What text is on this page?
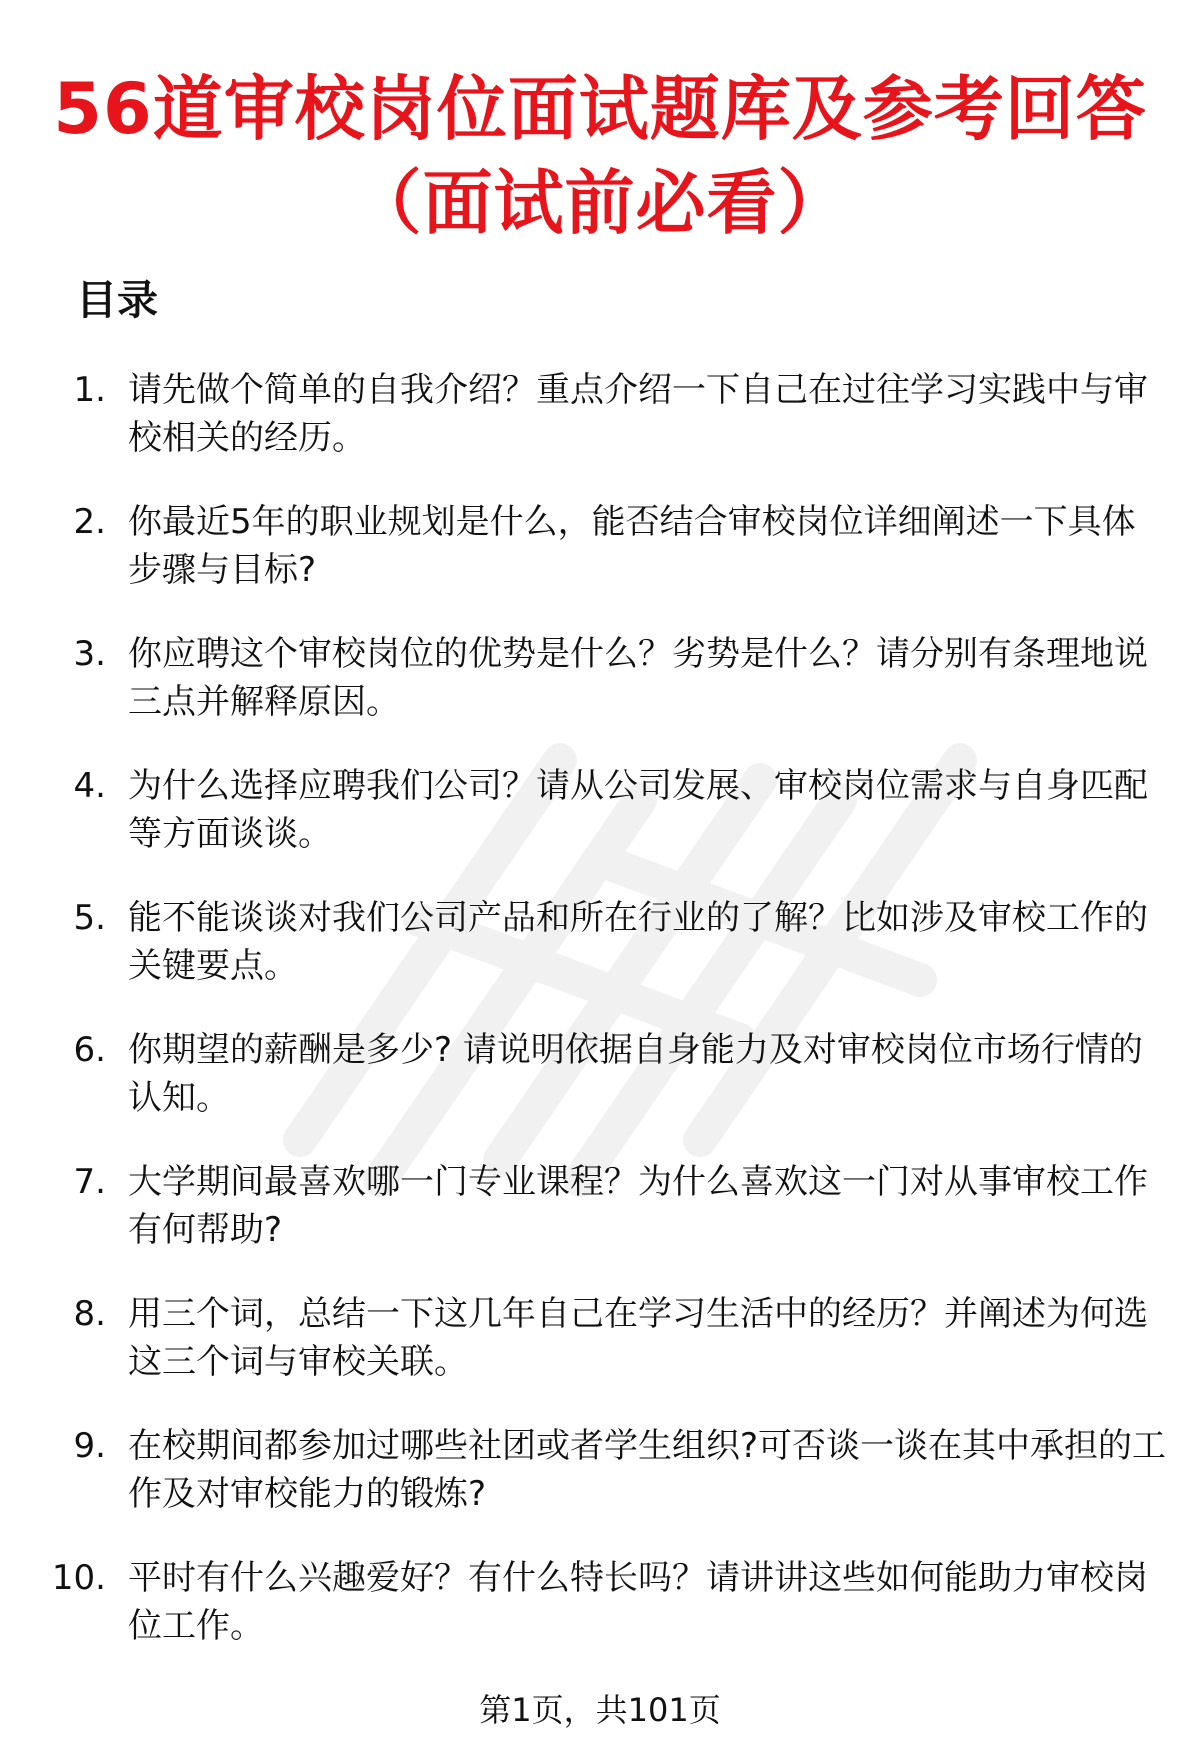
56道审校岗位面试题库及参考回答
（面试前必看）
目录
1. 请先做个简单的自我介绍？重点介绍一下自己在过往学习实践中与审校相关的经历。
2. 你最近5年的职业规划是什么，能否结合审校岗位详细阐述一下具体步骤与目标?
3. 你应聘这个审校岗位的优势是什么？劣势是什么？请分别有条理地说三点并解释原因。
4. 为什么选择应聘我们公司？请从公司发展、审校岗位需求与自身匹配等方面谈谈。
5. 能不能谈谈对我们公司产品和所在行业的了解？比如涉及审校工作的关键要点。
6. 你期望的薪酬是多少? 请说明依据自身能力及对审校岗位市场行情的认知。
7. 大学期间最喜欢哪一门专业课程？为什么喜欢这一门对从事审校工作有何帮助?
8. 用三个词，总结一下这几年自己在学习生活中的经历？并阐述为何选这三个词与审校关联。
9. 在校期间都参加过哪些社团或者学生组织?可否谈一谈在其中承担的工作及对审校能力的锻炼?
10. 平时有什么兴趣爱好？有什么特长吗？请讲讲这些如何能助力审校岗位工作。
第1页，共101页
